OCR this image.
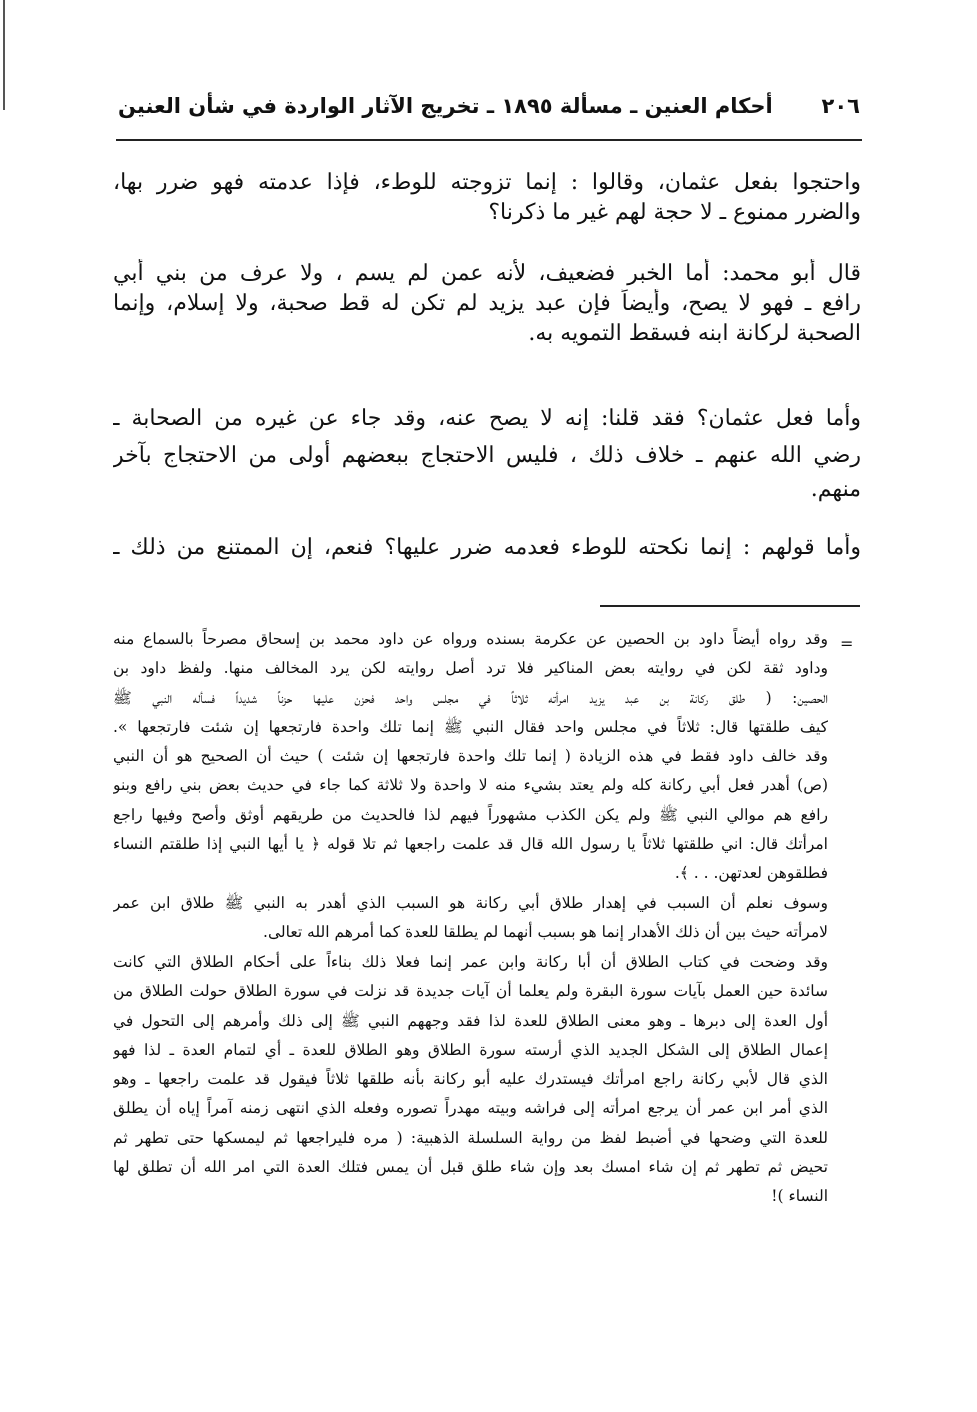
٢٠٦
أحكام العنين ـ مسألة ١٨٩٥ ـ تخريج الآثار الواردة في شأن العنين
واحتجوا بفعل عثمان، وقالوا : إنما تزوجته للوطء، فإذا عدمته فهو ضرر بها،
والضرر ممنوع ـ لا حجة لهم غير ما ذكرنا؟
قال أبو محمد: أما الخبر فضعيف، لأنه عمن لم يسم ، ولا عرف من بني أبي
رافع ـ فهو لا يصح، وأيضاً فإن عبد يزيد لم تكن له قط صحبة، ولا إسلام، وإنما
الصحبة لركانة ابنه فسقط التمويه به.
وأما فعل عثمان؟ فقد قلنا: إنه لا يصح عنه، وقد جاء عن غيره من الصحابة ـ
رضي الله عنهم ـ خلاف ذلك ، فليس الاحتجاج ببعضهم أولى من الاحتجاج بآخر
منهم.
وأما قولهم : إنما نكحته للوطء فعدمه ضرر عليها؟ فنعم، إن الممتنع من ذلك ـ
=
وقد رواه أيضاً داود بن الحصين عن عكرمة بسنده ورواه عن داود محمد بن إسحاق مصرحاً بالسماع منه
وداود ثقة لكن في روايته بعض المناكير فلا ترد أصل روايته لكن يرد المخالف منها. ولفظ داود بن
الحصين: ( طلق ركانة بن عبد يزيد امرأته ثلاثاً في مجلس واحد فحزن عليها حزناً شديداً فسأله النبي ﷺ
كيف طلقتها قال: ثلاثاً في مجلس واحد فقال النبي ﷺ إنما تلك واحدة فارتجعها إن شئت فارتجعها ».
وقد خالف داود فقط في هذه الزيادة ( إنما تلك واحدة فارتجعها إن شئت ) حيث أن الصحيح هو أن النبي
(ص) أهدر فعل أبي ركانة كله ولم يعتد بشيء منه لا واحدة ولا ثلاثة كما جاء في حديث بعض بني رافع وبنو
رافع هم موالي النبي ﷺ ولم يكن الكذب مشهوراً فيهم لذا فالحديث من طريقهم أوثق وأصح وفيها راجع
امرأتك قال: اني طلقتها ثلاثاً يا رسول الله قال قد علمت راجعها ثم تلا قوله ﴿ يا أيها النبي إذا طلقتم النساء
فطلقوهن لعدتهن. . . ﴾.
وسوف نعلم أن السبب في إهدار طلاق أبي ركانة هو السبب الذي أهدر به النبي ﷺ طلاق ابن عمر
لامرأته حيث بين أن ذلك الأهدار إنما هو بسبب أنهما لم يطلقا للعدة كما أمرهم الله تعالى.
وقد وضحت في كتاب الطلاق أن أبا ركانة وابن عمر إنما فعلا ذلك بناءاً على أحكام الطلاق التي كانت
سائدة حين العمل بآيات سورة البقرة ولم يعلما أن آيات جديدة قد نزلت في سورة الطلاق حولت الطلاق من
أول العدة إلى دبرها ـ وهو معنى الطلاق للعدة لذا فقد وجههم النبي ﷺ إلى ذلك وأمرهم إلى التحول في
إعمال الطلاق إلى الشكل الجديد الذي أرسته سورة الطلاق وهو الطلاق للعدة ـ أي لتمام العدة ـ لذا فهو
الذي قال لأبي ركانة راجع امرأتك فيستدرك عليه أبو ركانة بأنه طلقها ثلاثاً فيقول قد علمت راجعها ـ وهو
الذي أمر ابن عمر أن يرجع امرأته إلى فراشه وبيته مهدراً تصوره وفعله الذي انتهى زمنه آمراً إياه أن يطلق
للعدة التي وضحها في أضبط لفظ من رواية السلسلة الذهبية: ( مره فليراجعها ثم ليمسكها حتى تطهر ثم
تحيض ثم تطهر ثم إن شاء امسك بعد وإن شاء طلق قبل أن يمس فتلك العدة التي امر الله أن تطلق لها
النساء )!
